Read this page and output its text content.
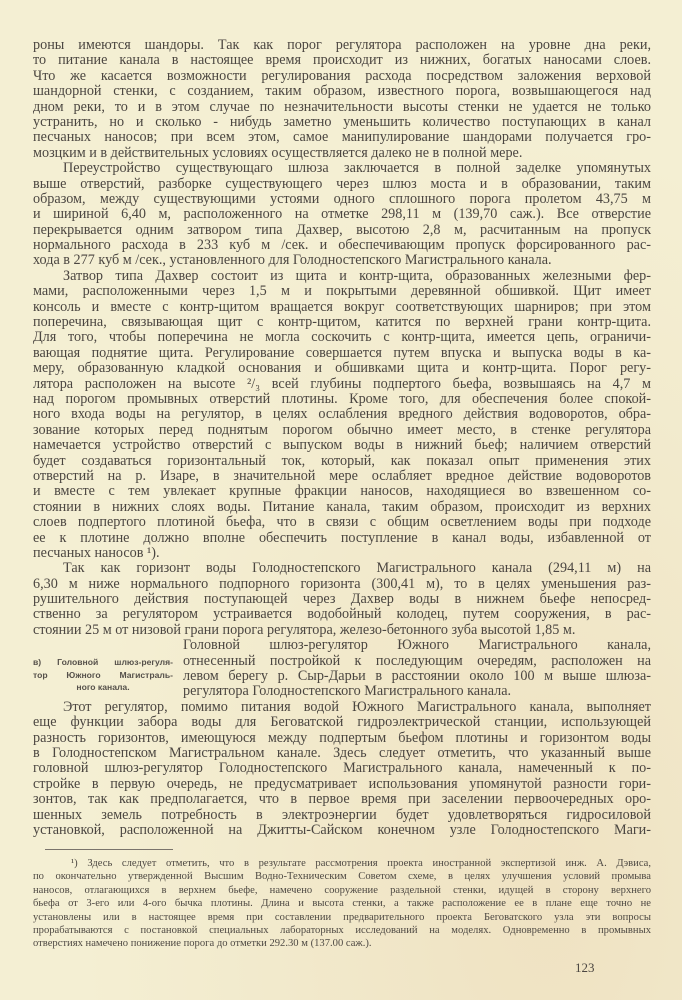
роны имеются шандоры. Так как порог регулятора расположен на уровне дна реки,
то питание канала в настоящее время происходит из нижних, богатых наносами слоев.
Что же касается возможности регулирования расхода посредством заложения верховой
шандорной стенки, с созданием, таким образом, известного порога, возвышающегося над
дном реки, то и в этом случае по незначительности высоты стенки не удается не только
устранить, но и сколько - нибудь заметно уменьшить количество поступающих в канал
песчаных наносов; при всем этом, самое манипулирование шандорами получается гро-
мозцким и в действительных условиях осуществляется далеко не в полной мере.
Переустройство существующаго шлюза заключается в полной заделке упомянутых
выше отверстий, разборке существующего через шлюз моста и в образовании, таким
образом, между существующими устоями одного сплошного порога пролетом 43,75 м
и шириной 6,40 м, расположенного на отметке 298,11 м (139,70 саж.). Все отверстие
перекрывается одним затвором типа Дахвер, высотою 2,8 м, расчитанным на пропуск
нормального расхода в 233 куб м /сек. и обеспечивающим пропуск форсированного рас-
хода в 277 куб м /сек., установленного для Голодностепского Магистрального канала.
Затвор типа Дахвер состоит из щита и контр-щита, образованных железными фер-
мами, расположенными через 1,5 м и покрытыми деревянной обшивкой. Щит имеет
консоль и вместе с контр-щитом вращается вокруг соответствующих шарниров; при этом
поперечина, связывающая щит с контр-щитом, катится по верхней грани контр-щита.
Для того, чтобы поперечина не могла соскочить с контр-щита, имеется цепь, ограничи-
вающая поднятие щита. Регулирование совершается путем впуска и выпуска воды в ка-
меру, образованную кладкой основания и обшивками щита и контр-щита. Порог регу-
лятора расположен на высоте ²/₃ всей глубины подпертого бьефа, возвышаясь на 4,7 м
над порогом промывных отверстий плотины. Кроме того, для обеспечения более спокой-
ного входа воды на регулятор, в целях ослабления вредного действия водоворотов, обра-
зование которых перед поднятым порогом обычно имеет место, в стенке регулятора
намечается устройство отверстий с выпуском воды в нижний бьеф; наличием отверстий
будет создаваться горизонтальный ток, который, как показал опыт применения этих
отверстий на р. Изаре, в значительной мере ослабляет вредное действие водоворотов
и вместе с тем увлекает крупные фракции наносов, находящиеся во взвешенном со-
стоянии в нижних слоях воды. Питание канала, таким образом, происходит из верхних
слоев подпертого плотиной бьефа, что в связи с общим осветлением воды при подходе
ее к плотине должно вполне обеспечить поступление в канал воды, избавленной от
песчаных наносов ¹).
Так как горизонт воды Голодностепского Магистрального канала (294,11 м) на
6,30 м ниже нормального подпорного горизонта (300,41 м), то в целях уменьшения раз-
рушительного действия поступающей через Дахвер воды в нижнем бьефе непосред-
ственно за регулятором устраивается водобойный колодец, путем сооружения, в рас-
стоянии 25 м от низовой грани порога регулятора, железо-бетонного зуба высотой 1,85 м.
в) Головной шлюз-регуля-
тор Южного Магистраль-
ного канала.
Головной шлюз-регулятор Южного Магистрального канала,
отнесенный постройкой к последующим очередям, расположен на
левом берегу р. Сыр-Дарьи в расстоянии около 100 м выше шлюза-
регулятора Голодностепского Магистрального канала.
Этот регулятор, помимо питания водой Южного Магистрального канала, выполняет
еще функции забора воды для Беговатской гидроэлектрической станции, использующей
разность горизонтов, имеющуюся между подпертым бьефом плотины и горизонтом воды
в Голодностепском Магистральном канале. Здесь следует отметить, что указанный выше
головной шлюз-регулятор Голодностепского Магистрального канала, намеченный к по-
стройке в первую очередь, не предусматривает использования упомянутой разности гори-
зонтов, так как предполагается, что в первое время при заселении первоочередных оро-
шенных земель потребность в электроэнергии будет удовлетворяться гидросиловой
установкой, расположенной на Джитты-Сайском конечном узле Голодностепского Маги-
¹) Здесь следует отметить, что в результате рассмотрения проекта иностранной экспертизой инж. А. Дэвиса,
по окончательно утвержденной Высшим Водно-Техническим Советом схеме, в целях улучшения условий промыва
наносов, отлагающихся в верхнем бьефе, намечено сооружение раздельной стенки, идущей в сторону верхнего
бьефа от 3-его или 4-ого бычка плотины. Длина и высота стенки, а также расположение ее в плане еще точно не
установлены или в настоящее время при составлении предварительного проекта Беговатского узла эти вопросы
прорабатываются с постановкой специальных лабораторных исследований на моделях. Одновременно в промывных
отверстиях намечено понижение порога до отметки 292.30 м (137.00 саж.).
123
